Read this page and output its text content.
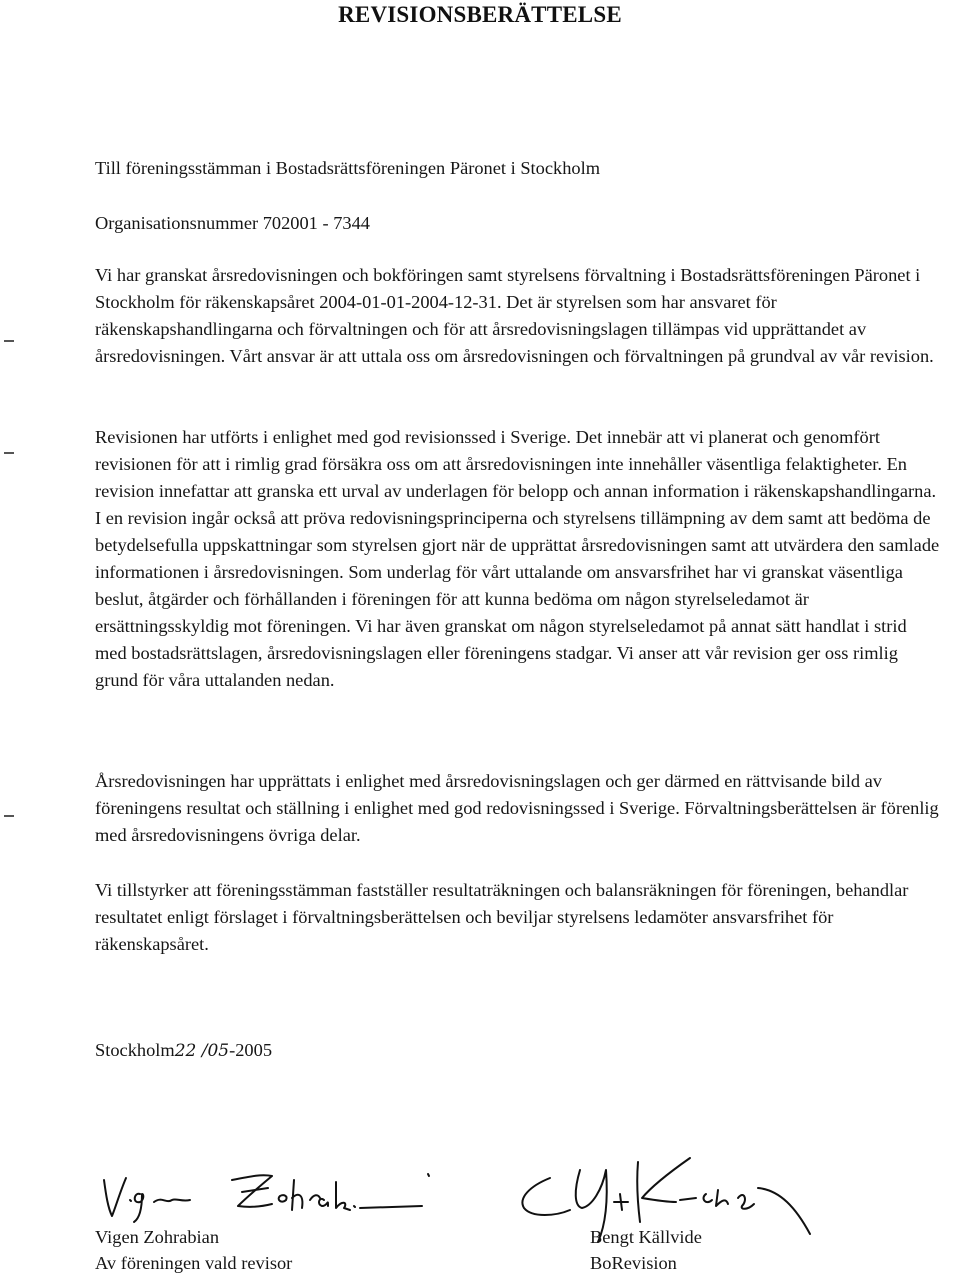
REVISIONSBERÄTTELSE
Till föreningsstämman i Bostadsrättsföreningen Päronet i Stockholm
Organisationsnummer 702001 - 7344

Vi har granskat årsredovisningen och bokföringen samt styrelsens förvaltning i Bostadsrättsföreningen Päronet i Stockholm för räkenskapsåret 2004-01-01-2004-12-31. Det är styrelsen som har ansvaret för räkenskapshandlingarna och förvaltningen och för att årsredovisningslagen tillämpas vid upprättandet av årsredovisningen. Vårt ansvar är att uttala oss om årsredovisningen och förvaltningen på grundval av vår revision.

Revisionen har utförts i enlighet med god revisionssed i Sverige. Det innebär att vi planerat och genomfört revisionen för att i rimlig grad försäkra oss om att årsredovisningen inte innehåller väsentliga felaktigheter. En revision innefattar att granska ett urval av underlagen för belopp och annan information i räkenskapshandlingarna. I en revision ingår också att pröva redovisningsprinciperna och styrelsens tillämpning av dem samt att bedöma de betydelsefulla uppskattningar som styrelsen gjort när de upprättat årsredovisningen samt att utvärdera den samlade informationen i årsredovisningen. Som underlag för vårt uttalande om ansvarsfrihet har vi granskat väsentliga beslut, åtgärder och förhållanden i föreningen för att kunna bedöma om någon styrelseledamot är ersättningsskyldig mot föreningen. Vi har även granskat om någon styrelseledamot på annat sätt handlat i strid med bostadsrättslagen, årsredovisningslagen eller föreningens stadgar. Vi anser att vår revision ger oss rimlig grund för våra uttalanden nedan.

Årsredovisningen har upprättats i enlighet med årsredovisningslagen och ger därmed en rättvisande bild av föreningens resultat och ställning i enlighet med god redovisningssed i Sverige. Förvaltningsberättelsen är förenlig med årsredovisningens övriga delar.

Vi tillstyrker att föreningsstämman fastställer resultaträkningen och balansräkningen för föreningen, behandlar resultatet enligt förslaget i förvaltningsberättelsen och beviljar styrelsens ledamöter ansvarsfrihet för räkenskapsåret.

Stockholm22 /05-2005
Vigen Zohrabian
Av föreningen vald revisor
Bengt Källvide
BoRevision
